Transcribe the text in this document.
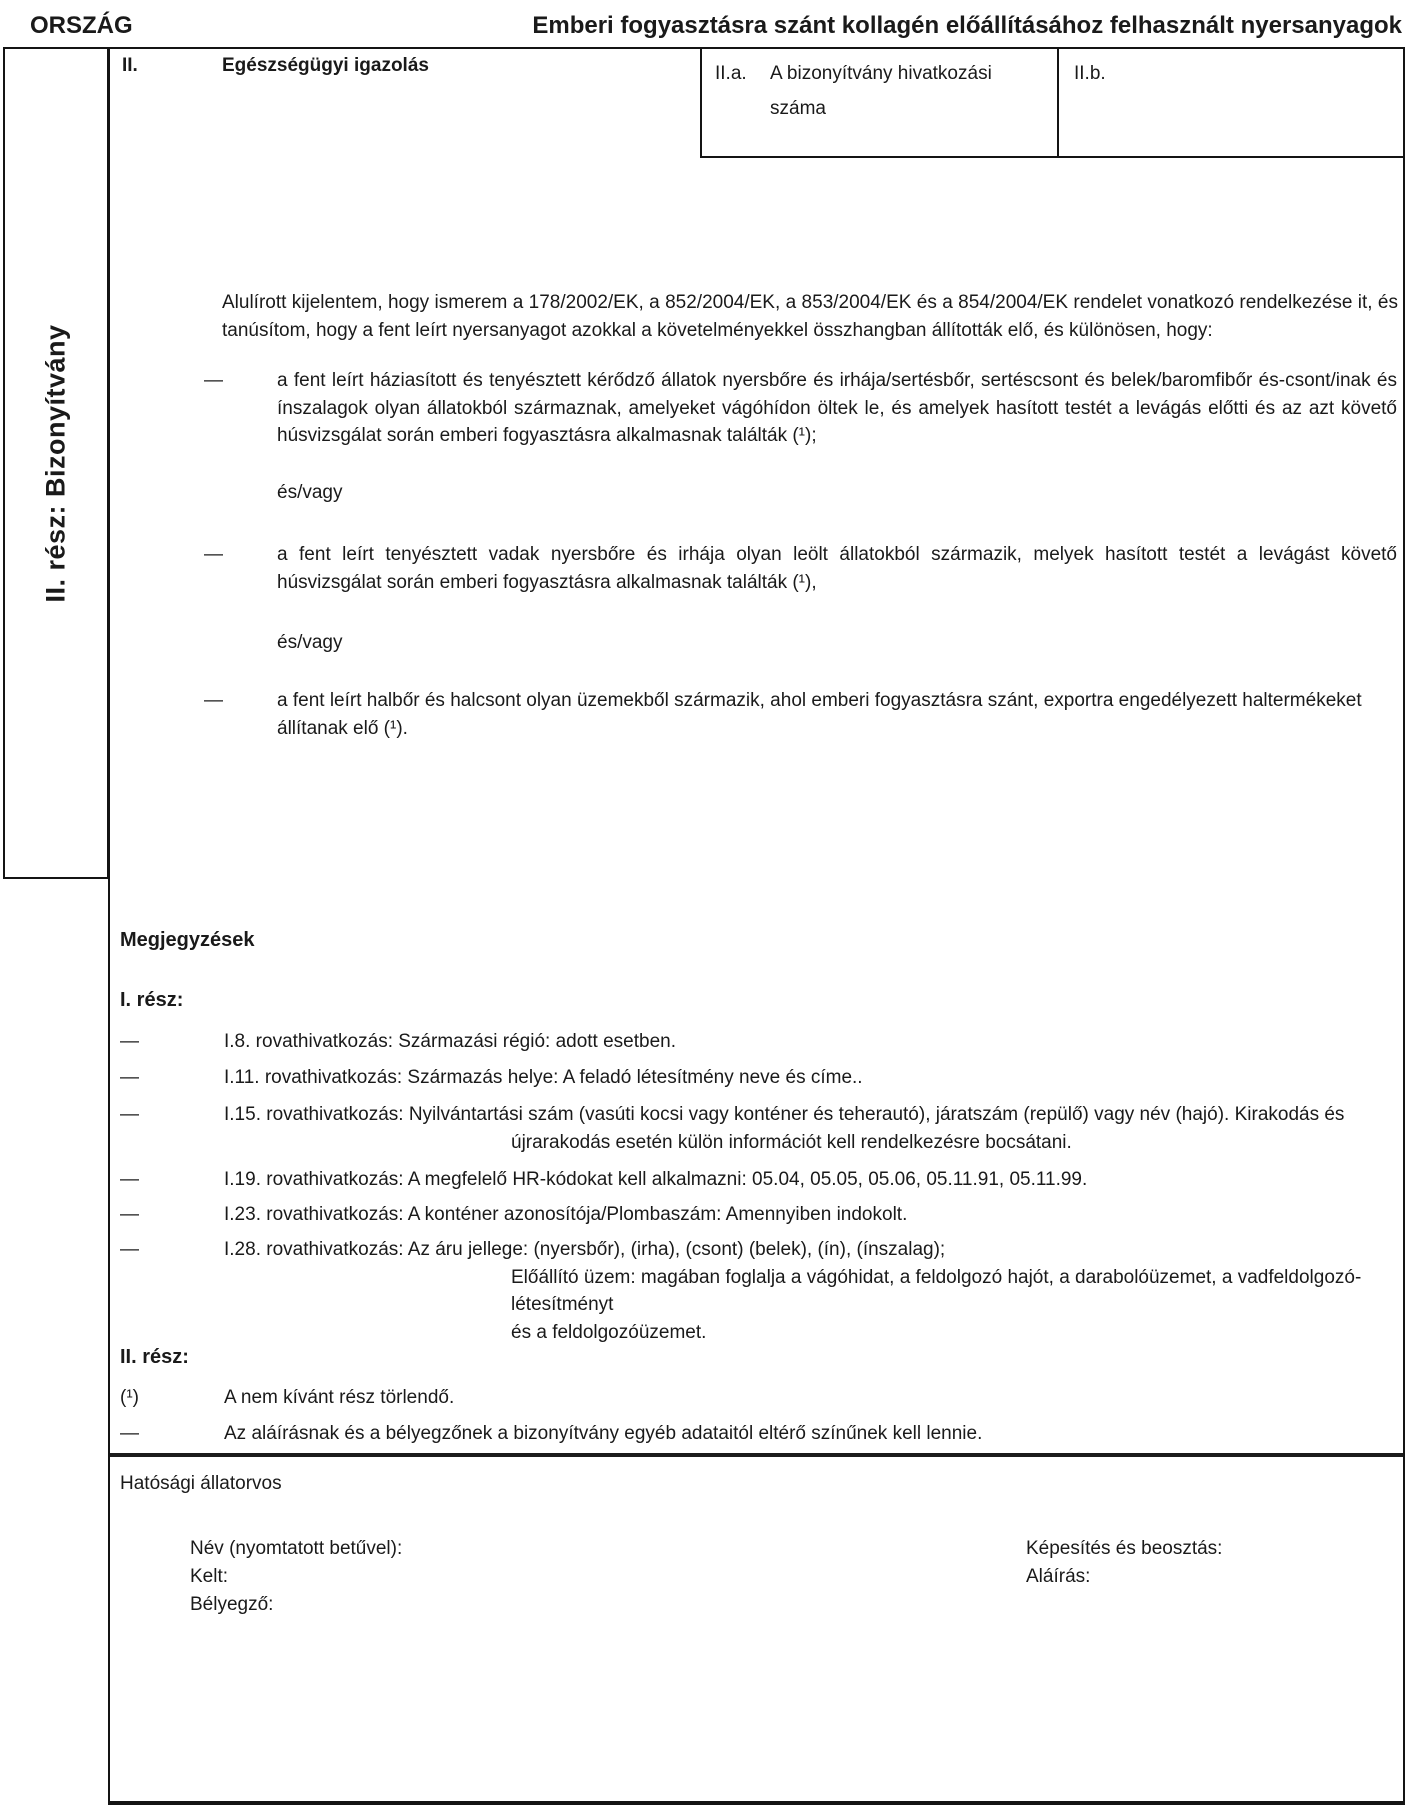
ORSZÁG	Emberi fogyasztásra szánt kollagén előállításához felhasznált nyersanyagok
II. rész: Bizonyítvány
II.	Egészségügyi igazolás	II.a.	A bizonyítvány hivatkozási száma
II.b.
Alulírott kijelentem, hogy ismerem a 178/2002/EK, a 852/2004/EK, a 853/2004/EK és a 854/2004/EK rendelet vonatkozó rendelkezése it, és tanúsítom, hogy a fent leírt nyersanyagot azokkal a követelményekkel összhangban állították elő, és különösen, hogy:
—	a fent leírt háziasított és tenyésztett kérődző állatok nyersbőre és irhája/sertésbőr, sertéscsont és belek/baromfibőr és-csont/inak és ínszalagok olyan állatokból származnak, amelyeket vágóhídon öltek le, és amelyek hasított testét a levágás előtti és az azt követő húsvizsgálat során emberi fogyasztásra alkalmasnak találták (¹);
és/vagy
—	a fent leírt tenyésztett vadak nyersbőre és irhája olyan leölt állatokból származik, melyek hasított testét a levágást követő húsvizsgálat során emberi fogyasztásra alkalmasnak találták (¹),
és/vagy
—	a fent leírt halbőr és halcsont olyan üzemekből származik, ahol emberi fogyasztásra szánt, exportra engedélyezett haltermékeket állítanak elő (¹).
Megjegyzések
I. rész:
—	I.8. rovathivatkozás: Származási régió: adott esetben.
—	I.11. rovathivatkozás: Származás helye: A feladó létesítmény neve és címe..
—	I.15. rovathivatkozás: Nyilvántartási szám (vasúti kocsi vagy konténer és teherautó), járatszám (repülő) vagy név (hajó). Kirakodás és
újrarakodás esetén külön információt kell rendelkezésre bocsátani.
—	I.19. rovathivatkozás: A megfelelő HR-kódokat kell alkalmazni: 05.04, 05.05, 05.06, 05.11.91, 05.11.99.
—	I.23. rovathivatkozás: A konténer azonosítója/Plombaszám: Amennyiben indokolt.
—	I.28. rovathivatkozás: Az áru jellege: (nyersbőr), (irha), (csont) (belek), (ín), (ínszalag);
Előállító üzem: magában foglalja a vágóhidat, a feldolgozó hajót, a darabolóüzemet, a vadfeldolgozó-létesítményt
és a feldolgozóüzemet.
II. rész:
(¹)	A nem kívánt rész törlendő.
—	Az aláírásnak és a bélyegzőnek a bizonyítvány egyéb adataitól eltérő színűnek kell lennie.
Hatósági állatorvos
Név (nyomtatott betűvel):
Kelt:
Bélyegző:
Képesítés és beosztás:
Aláírás:
